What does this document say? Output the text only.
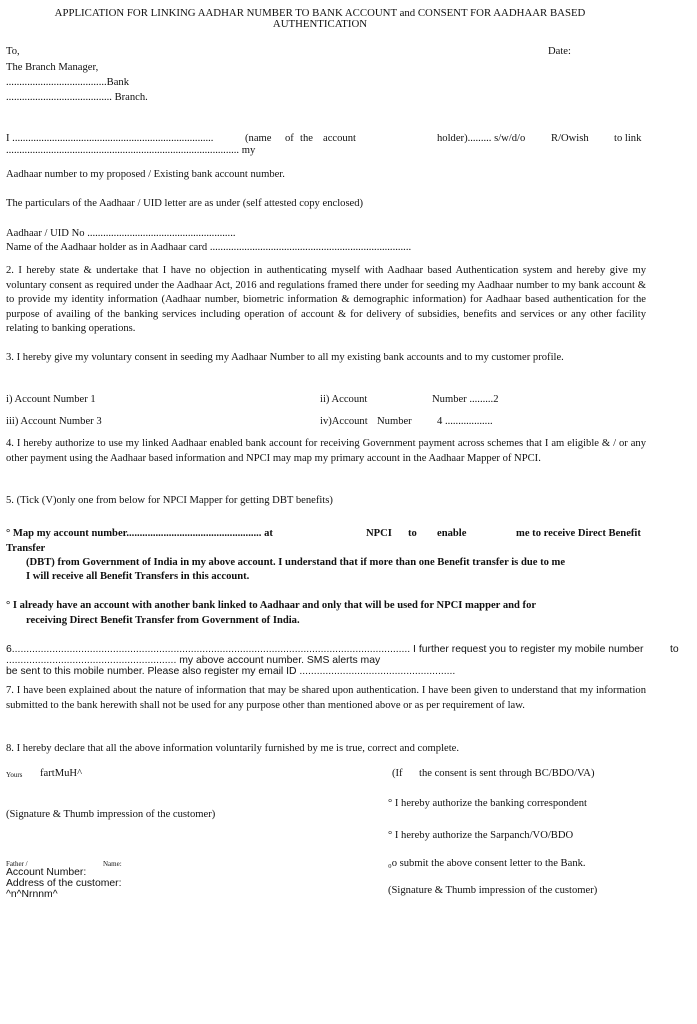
APPLICATION FOR LINKING AADHAR NUMBER TO BANK ACCOUNT and CONSENT FOR AADHAAR BASED
AUTHENTICATION
To,	Date:
The Branch Manager,
......................................Bank
........................................ Branch.
I ............................................................................	(name of the account	holder)......... s/w/d/o R/Owish to link
........................................................................................ my
Aadhaar number to my proposed / Existing bank account number.
The particulars of the Aadhaar / UID letter are as under (self attested copy enclosed)
Aadhaar / UID No ........................................................
Name of the Aadhaar holder as in Aadhaar card ............................................................................
2. I hereby state & undertake that I have no objection in authenticating myself with Aadhaar based Authentication system and hereby give my voluntary consent as required under the Aadhaar Act, 2016 and regulations framed there under for seeding my Aadhaar number to my bank account & to provide my identity information (Aadhaar number, biometric information & demographic information) for Aadhaar based authentication for the purpose of availing of the banking services including operation of account & for delivery of subsidies, benefits and services or any other facility relating to banking operations.
3. I hereby give my voluntary consent in seeding my Aadhaar Number to all my existing bank accounts and to my customer profile.
i) Account Number 1	ii) Account	Number .........2
iii) Account Number 3	iv)Account Number 4 ..................
4. I hereby authorize to use my linked Aadhaar enabled bank account for receiving Government payment across schemes that I am eligible & / or any other payment using the Aadhaar based information and NPCI may map my primary account in the Aadhaar Mapper of NPCI.
5. (Tick (V)only one from below for NPCI Mapper for getting DBT benefits)
° Map my account number................................................... at	NPCI to enable	me to receive Direct Benefit
Transfer
(DBT) from Government of India in my above account. I understand that if more than one Benefit transfer is due to me
I will receive all Benefit Transfers in this account.
° I already have an account with another bank linked to Aadhaar and only that will be used for NPCI mapper and for
receiving Direct Benefit Transfer from Government of India.
6.......................................................................................................................................... I further request you to register my mobile number	to
........................................................... my above account number. SMS alerts may
be sent to this mobile number. Please also register my email ID ......................................................
7. I have been explained about the nature of information that may be shared upon authentication. I have been given to understand that my information submitted to the bank herewith shall not be used for any purpose other than mentioned above or as per requirement of law.
8. I hereby declare that all the above information voluntarily furnished by me is true, correct and complete.
Yours fartMuH^	(If the consent is sent through BC/BDO/VA)
° I hereby authorize the banking correspondent
(Signature & Thumb impression of the customer)
° I hereby authorize the Sarpanch/VO/BDO
Father /	Name:	₀o submit the above consent letter to the Bank.
Account Number:
Address of the customer:
^n^Nrnnm^	(Signature & Thumb impression of the customer)
